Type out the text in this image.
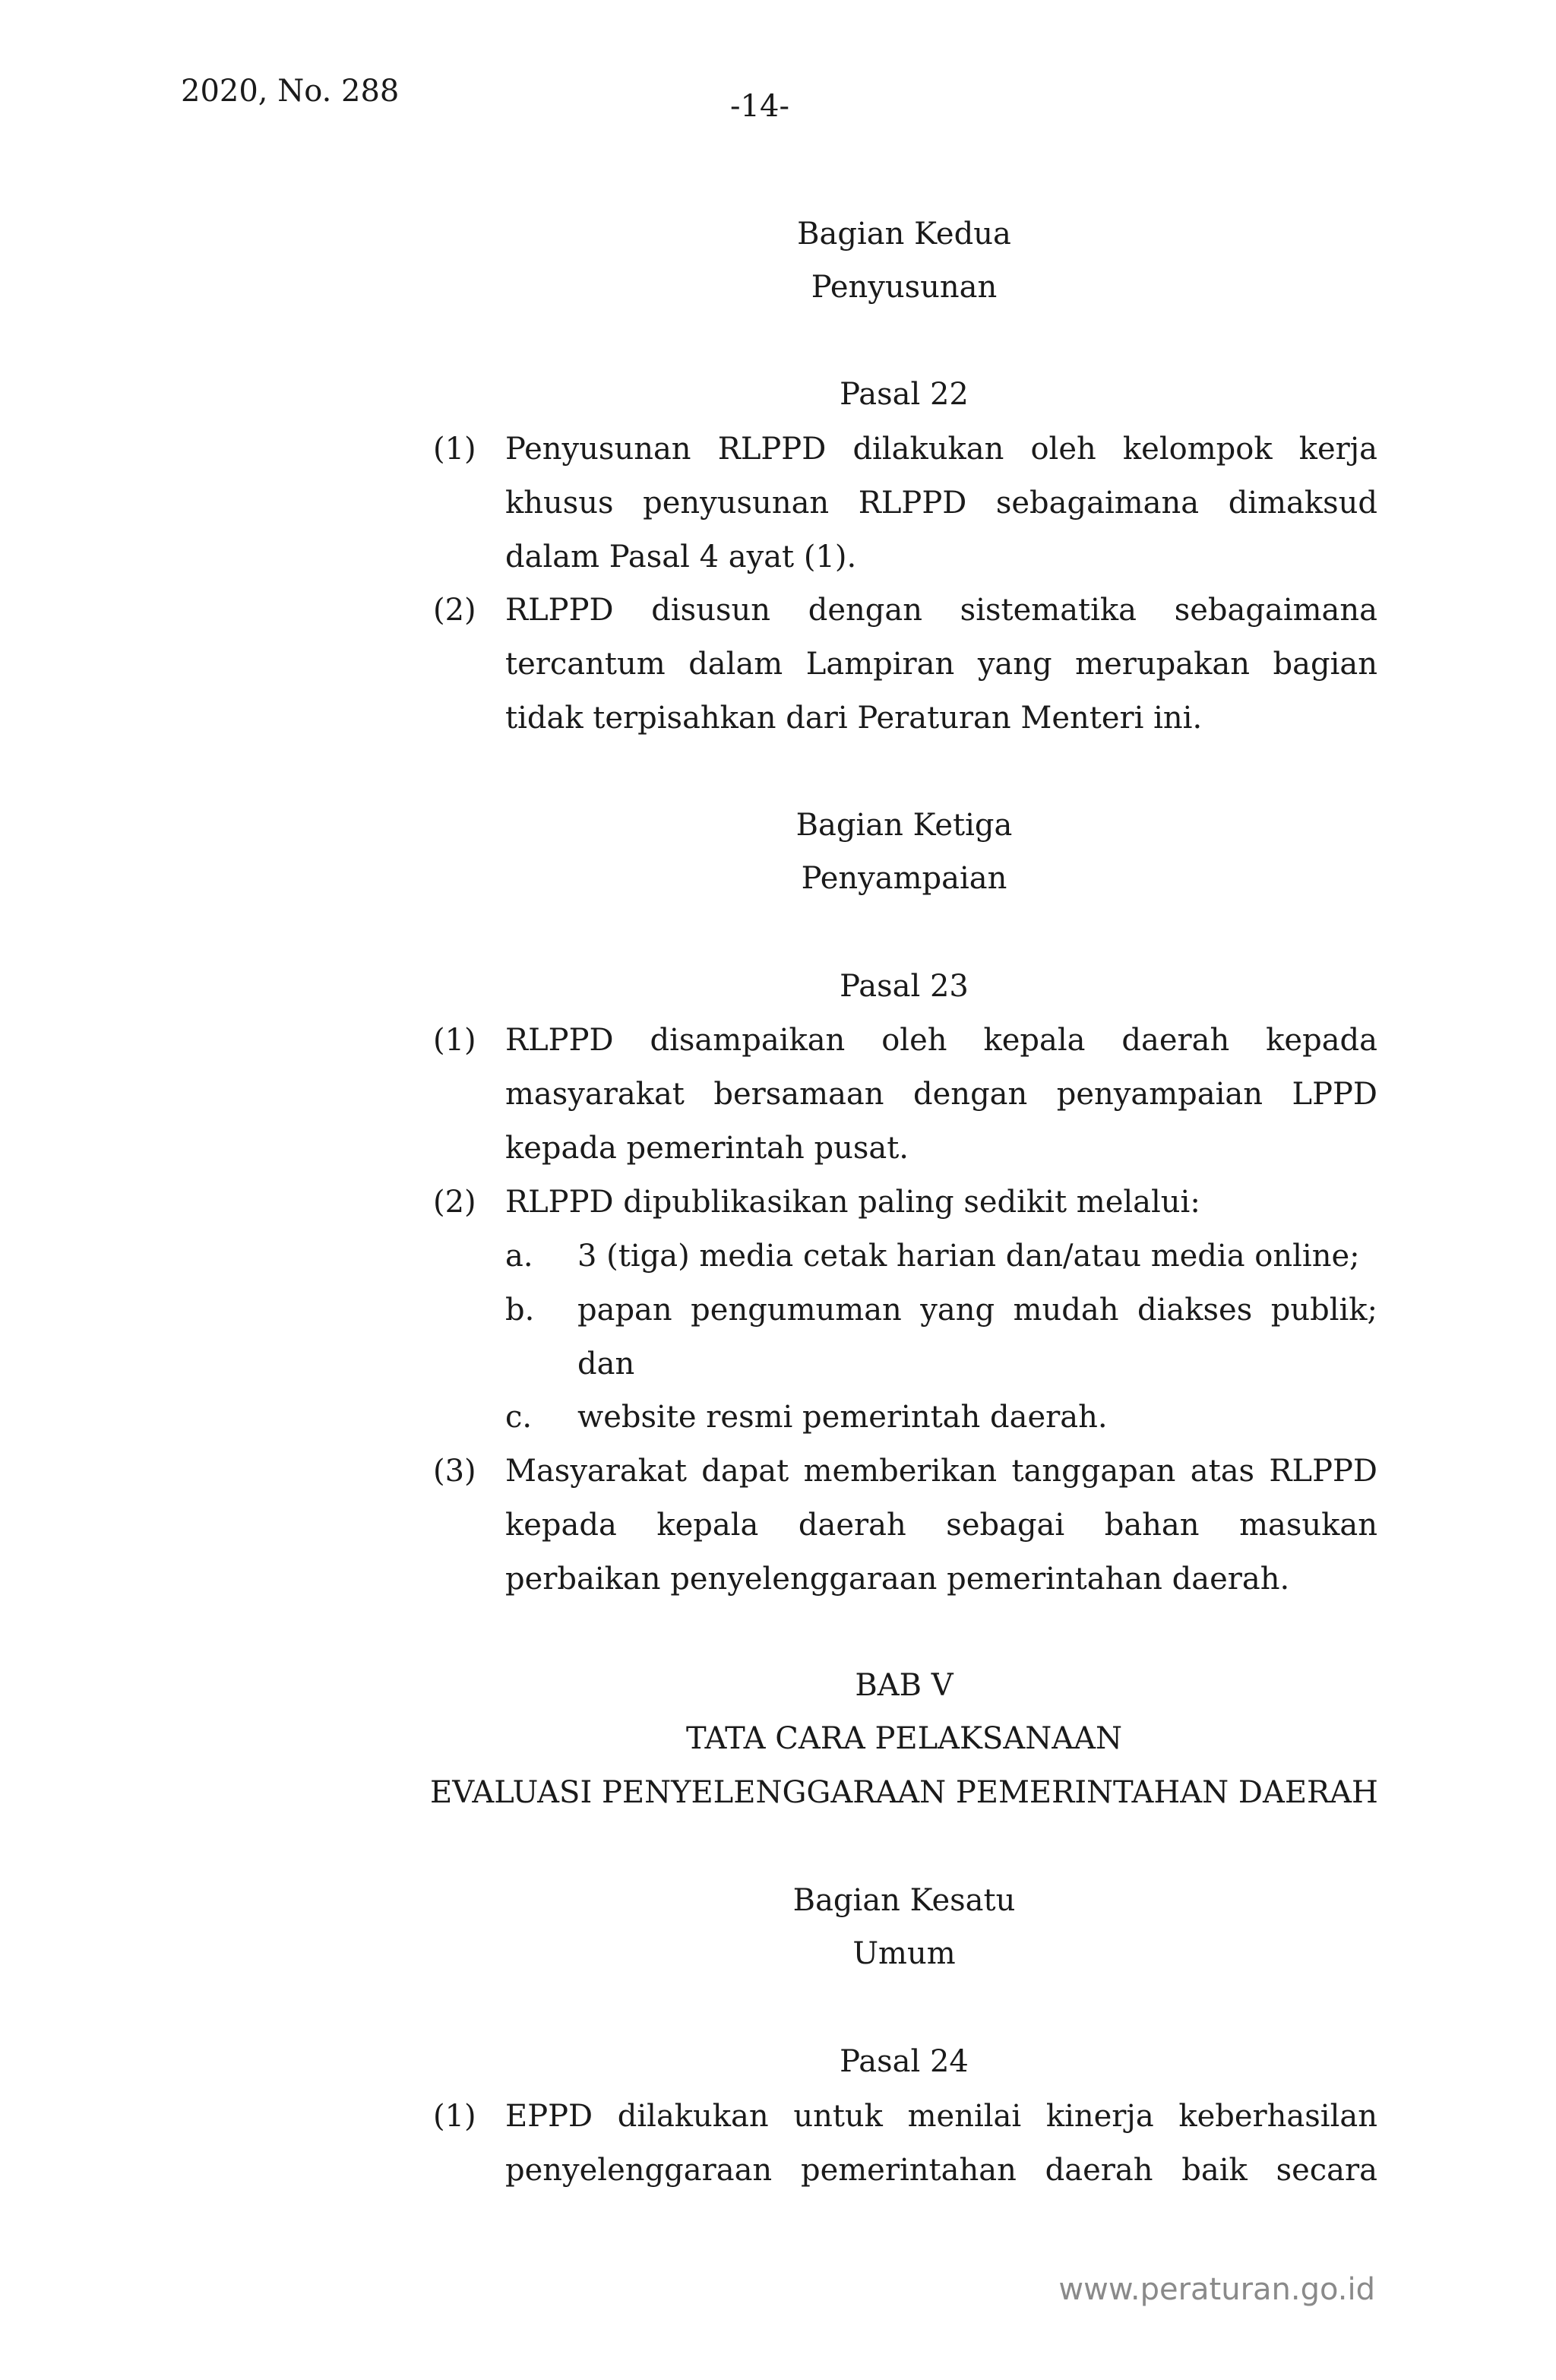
2020, No. 288	-14-
Bagian Kedua
Penyusunan
Pasal 22
(1) Penyusunan RLPPD dilakukan oleh kelompok kerja khusus penyusunan RLPPD sebagaimana dimaksud dalam Pasal 4 ayat (1).
(2) RLPPD disusun dengan sistematika sebagaimana tercantum dalam Lampiran yang merupakan bagian tidak terpisahkan dari Peraturan Menteri ini.
Bagian Ketiga
Penyampaian
Pasal 23
(1) RLPPD disampaikan oleh kepala daerah kepada masyarakat bersamaan dengan penyampaian LPPD kepada pemerintah pusat.
(2) RLPPD dipublikasikan paling sedikit melalui:
a.	3 (tiga) media cetak harian dan/atau media online;
b.	papan pengumuman yang mudah diakses publik; dan
c.	website resmi pemerintah daerah.
(3) Masyarakat dapat memberikan tanggapan atas RLPPD kepada kepala daerah sebagai bahan masukan perbaikan penyelenggaraan pemerintahan daerah.
BAB V
TATA CARA PELAKSANAAN
EVALUASI PENYELENGGARAAN PEMERINTAHAN DAERAH
Bagian Kesatu
Umum
Pasal 24
(1) EPPD dilakukan untuk menilai kinerja keberhasilan penyelenggaraan pemerintahan daerah baik secara
www.peraturan.go.id
